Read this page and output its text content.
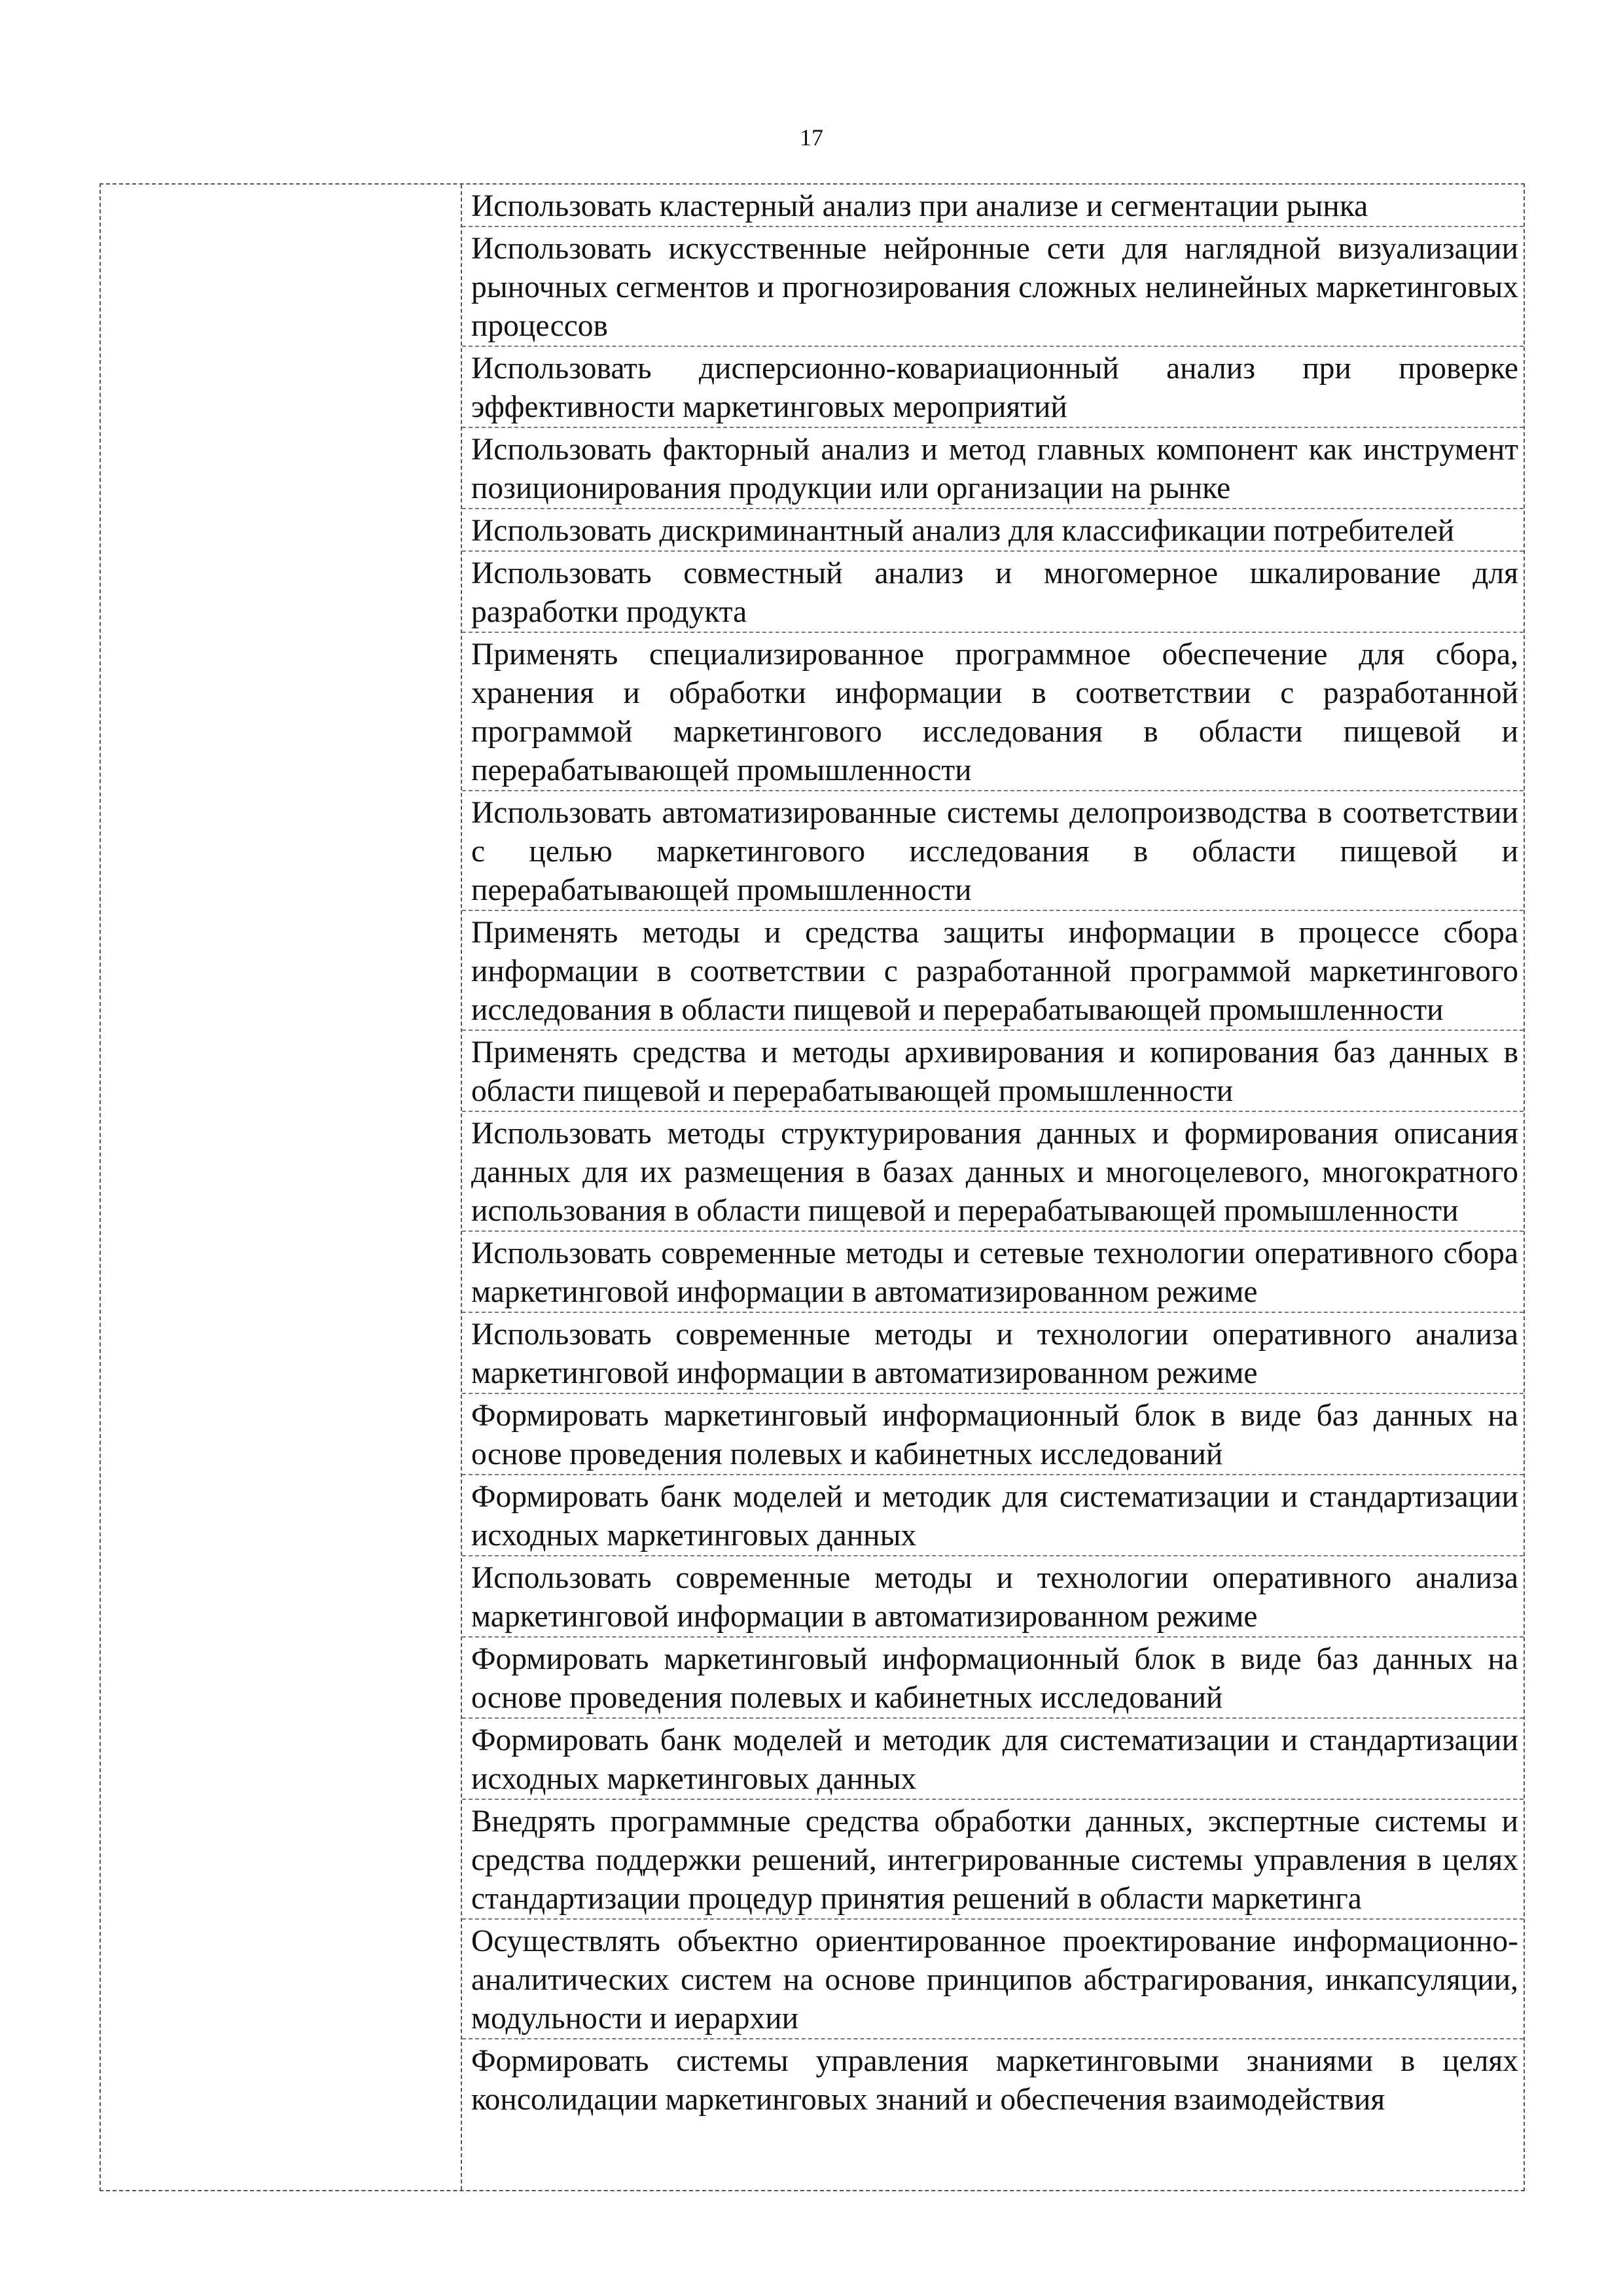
17
Использовать кластерный анализ при анализе и сегментации рынка
Использовать искусственные нейронные сети для наглядной визуализации рыночных сегментов и прогнозирования сложных нелинейных маркетинговых процессов
Использовать дисперсионно-ковариационный анализ при проверке эффективности маркетинговых мероприятий
Использовать факторный анализ и метод главных компонент как инструмент позиционирования продукции или организации на рынке
Использовать дискриминантный анализ для классификации потребителей
Использовать совместный анализ и многомерное шкалирование для разработки продукта
Применять специализированное программное обеспечение для сбора, хранения и обработки информации в соответствии с разработанной программой маркетингового исследования в области пищевой и перерабатывающей промышленности
Использовать автоматизированные системы делопроизводства в соответствии с целью маркетингового исследования в области пищевой и перерабатывающей промышленности
Применять методы и средства защиты информации в процессе сбора информации в соответствии с разработанной программой маркетингового исследования в области пищевой и перерабатывающей промышленности
Применять средства и методы архивирования и копирования баз данных в области пищевой и перерабатывающей промышленности
Использовать методы структурирования данных и формирования описания данных для их размещения в базах данных и многоцелевого, многократного использования в области пищевой и перерабатывающей промышленности
Использовать современные методы и сетевые технологии оперативного сбора маркетинговой информации в автоматизированном режиме
Использовать современные методы и технологии оперативного анализа маркетинговой информации в автоматизированном режиме
Формировать маркетинговый информационный блок в виде баз данных на основе проведения полевых и кабинетных исследований
Формировать банк моделей и методик для систематизации и стандартизации исходных маркетинговых данных
Использовать современные методы и технологии оперативного анализа маркетинговой информации в автоматизированном режиме
Формировать маркетинговый информационный блок в виде баз данных на основе проведения полевых и кабинетных исследований
Формировать банк моделей и методик для систематизации и стандартизации исходных маркетинговых данных
Внедрять программные средства обработки данных, экспертные системы и средства поддержки решений, интегрированные системы управления в целях стандартизации процедур принятия решений в области маркетинга
Осуществлять объектно ориентированное проектирование информационно-аналитических систем на основе принципов абстрагирования, инкапсуляции, модульности и иерархии
Формировать системы управления маркетинговыми знаниями в целях консолидации маркетинговых знаний и обеспечения взаимодействия
